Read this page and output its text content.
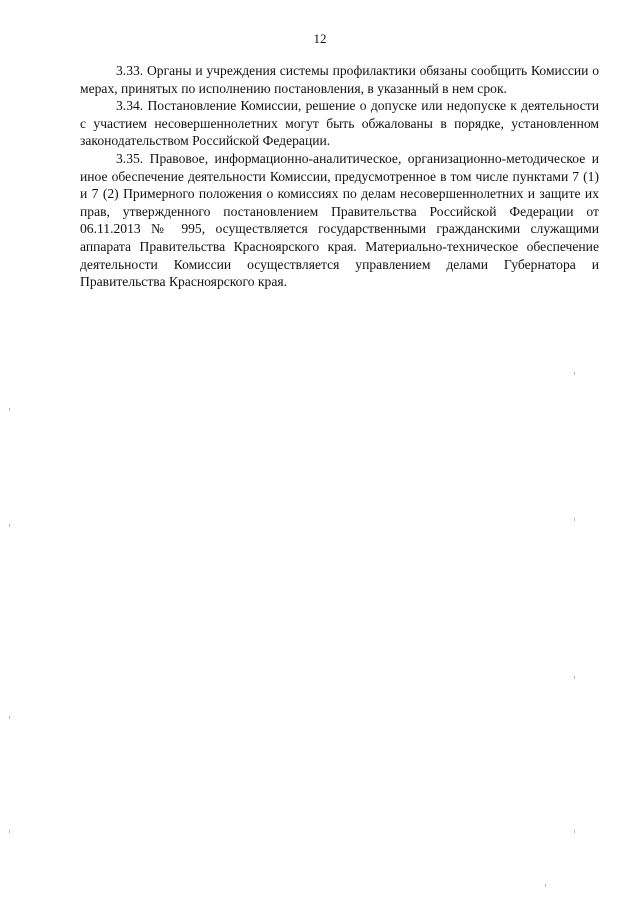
12

3.33. Органы и учреждения системы профилактики обязаны сообщить Комиссии о мерах, принятых по исполнению постановления, в указанный в нем срок.

3.34. Постановление Комиссии, решение о допуске или недопуске к деятельности с участием несовершеннолетних могут быть обжалованы в порядке, установленном законодательством Российской Федерации.

3.35. Правовое, информационно-аналитическое, организационно-методическое и иное обеспечение деятельности Комиссии, предусмотренное в том числе пунктами 7 (1) и 7 (2) Примерного положения о комиссиях по делам несовершеннолетних и защите их прав, утвержденного постановлением Правительства Российской Федерации от 06.11.2013 № 995, осуществляется государственными гражданскими служащими аппарата Правительства Красноярского края. Материально-техническое обеспечение деятельности Комиссии осуществляется управлением делами Губернатора и Правительства Красноярского края.
